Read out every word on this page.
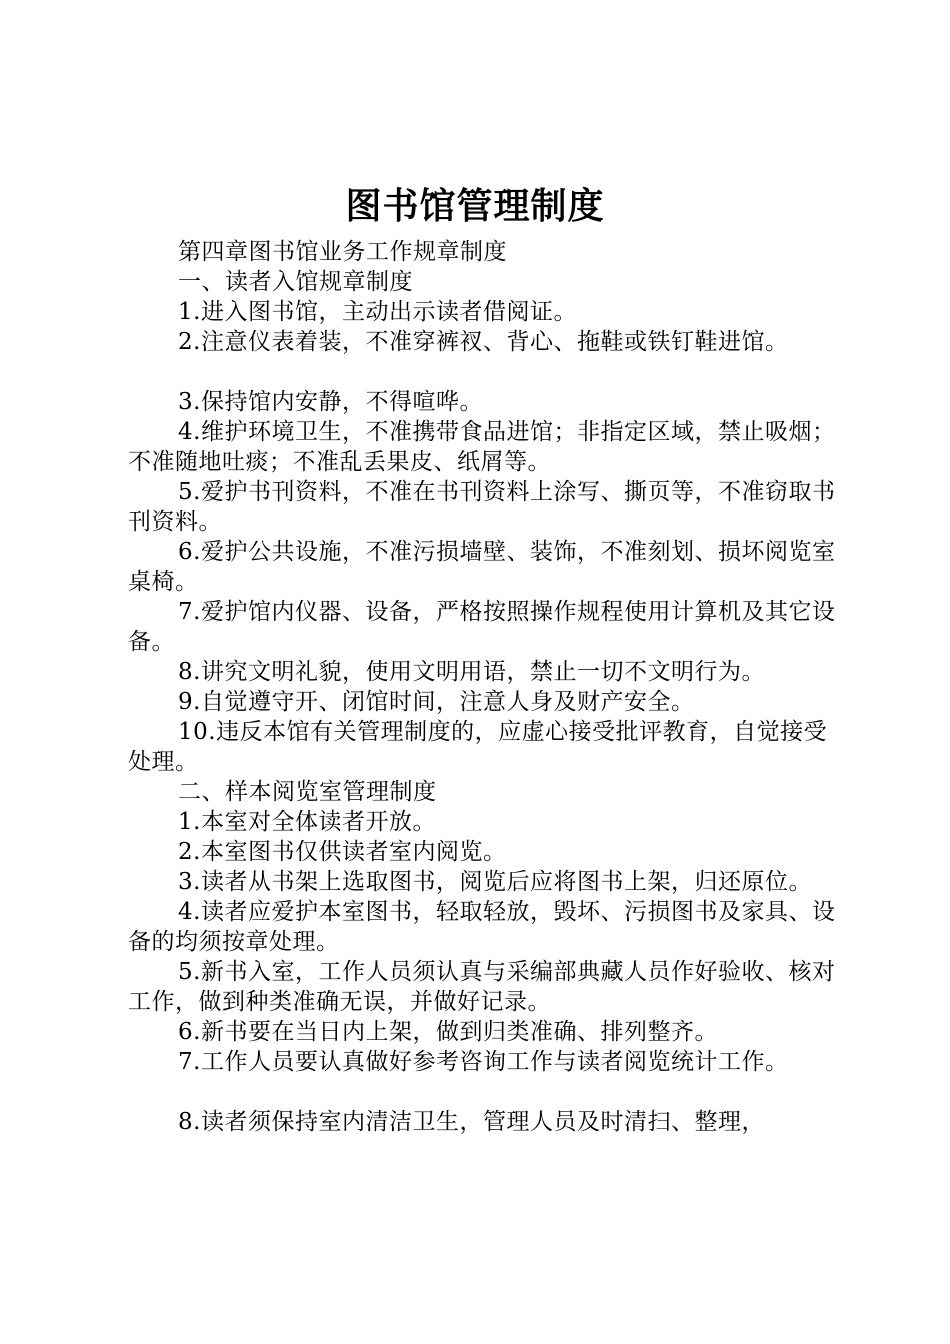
图书馆管理制度

第四章图书馆业务工作规章制度

一、读者入馆规章制度

1.进入图书馆，主动出示读者借阅证。

2.注意仪表着装，不准穿裤衩、背心、拖鞋或铁钉鞋进馆。

3.保持馆内安静，不得喧哗。

4.维护环境卫生，不准携带食品进馆；非指定区域，禁止吸烟；不准随地吐痰；不准乱丢果皮、纸屑等。

5.爱护书刊资料，不准在书刊资料上涂写、撕页等，不准窃取书刊资料。

6.爱护公共设施，不准污损墙壁、装饰，不准刻划、损坏阅览室桌椅。

7.爱护馆内仪器、设备，严格按照操作规程使用计算机及其它设备。

8.讲究文明礼貌，使用文明用语，禁止一切不文明行为。

9.自觉遵守开、闭馆时间，注意人身及财产安全。

10.违反本馆有关管理制度的，应虚心接受批评教育，自觉接受处理。

二、样本阅览室管理制度

1.本室对全体读者开放。

2.本室图书仅供读者室内阅览。

3.读者从书架上选取图书，阅览后应将图书上架，归还原位。

4.读者应爱护本室图书，轻取轻放，毁坏、污损图书及家具、设备的均须按章处理。

5.新书入室，工作人员须认真与采编部典藏人员作好验收、核对工作，做到种类准确无误，并做好记录。

6.新书要在当日内上架，做到归类准确、排列整齐。

7.工作人员要认真做好参考咨询工作与读者阅览统计工作。

8.读者须保持室内清洁卫生，管理人员及时清扫、整理，
